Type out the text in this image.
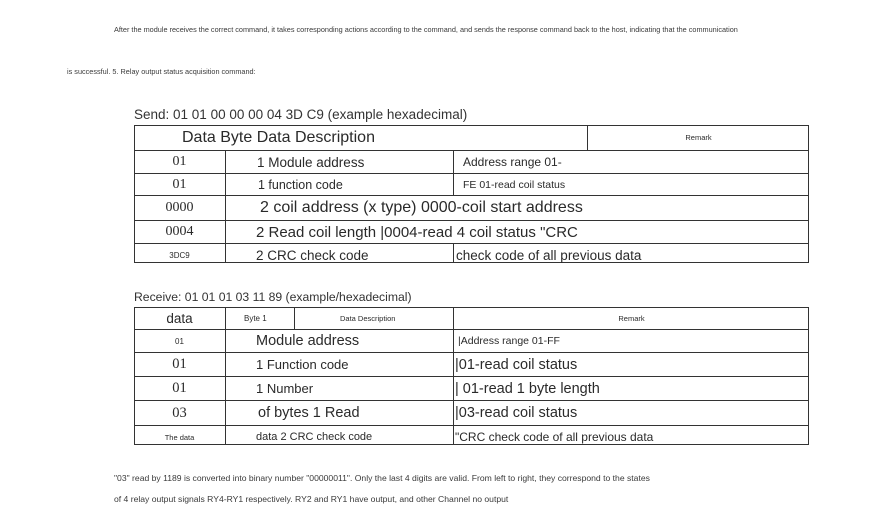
After the module receives the correct command, it takes corresponding actions according to the command, and sends the response command back to the host, indicating that the communication
is successful. 5. Relay output status acquisition command:
Send: 01 01 00 00 00 04 3D C9 (example hexadecimal)
Data Byte Data Description	Remark
01	1 Module address	Address range 01-
01	1 function code	FE 01-read coil status
0000	2 coil address (x type) 0000-coil start address
0004	2 Read coil length |0004-read 4 coil status "CRC
3DC9	2 CRC check code	check code of all previous data
Receive: 01 01 01 03 11 89 (example/hexadecimal)
data	Byte 1	Data Description	Remark
01	Module address	|Address range 01-FF
01	1 Function code	|01-read coil status
01	1 Number	| 01-read 1 byte length
03	of bytes 1 Read	|03-read coil status
The data	data 2 CRC check code	"CRC check code of all previous data
"03" read by 1189 is converted into binary number "00000011". Only the last 4 digits are valid. From left to right, they correspond to the states
of 4 relay output signals RY4-RY1 respectively. RY2 and RY1 have output, and other Channel no output
